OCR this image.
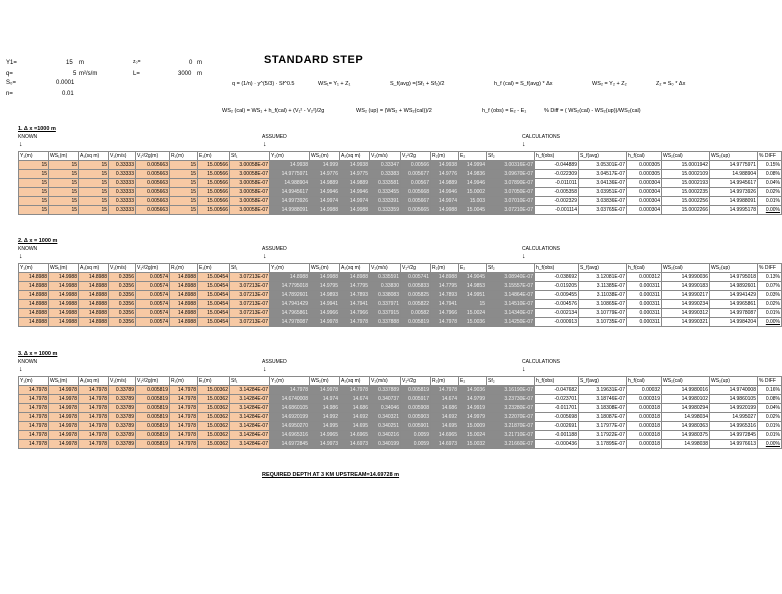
Y1=	15 m
q=	5 m²/s/m
S₀=	0.0001
n=	0.01
z₀=	0 m
L=	3000 m
STANDARD STEP
q = (1/n) · y^(5/3) · Sf^0.5	WS₁= Y₁ + Z₁	S_f(avg) =(Sf₁ + Sf₂)/2	h_f (cal) = S_f(avg) * Δx	WS₂ = Y₂ + Z₂	Z₂ = S₀ * Δx
WS₂ (cal) = WS₁ + h_f(cal) + (V₁² - V₂²)/2g	WS₂ (up) = (WS₂ + WS₂(cal))/2	h_f (obs) = E₂ - E₁	% Diff = ( WS₂(cal) - WS₂(up))/WS₂(cal)
1. Δ x =1000 m
KNOWN
↓
ASSUMED
↓
CALCULATIONS
↓
Y₁(m)	WS₁(m)	A₁(sq m)	V₁(m/s)	V₁²/2g(m)	R₁(m)	E₁(m)	Sf₁	Y₂(m)	WS₂(m)	A₂(sq m)	V₂(m/s)	V₂²/2g	R₂(m)	E₂	Sf₂	h_f(obs)	S_f(avg)	h_f(cal)	WS₂(cal)	WS₂(up)	% DIFF
15	15	15	0.33333	0.005663	15	15.00566	3.00058E-07	14.9938	14.999	14.9938	0.33347	0.00566	14.9938	14.9994	3.00316E-07	-0.044889	3.05301E-07	0.000305	15.0001942	14.9775971	0.15%
15	15	15	0.33333	0.005663	15	15.00566	3.00058E-07	14.9775971	14.9776	14.9775	0.33383	0.005677	14.9776	14.9836	3.09670E-07	-0.022309	3.04517E-07	0.000305	15.0002109	14.988904	0.08%
15	15	15	0.33333	0.005663	15	15.00566	3.00058E-07	14.988904	14.9889	14.9889	0.333581	0.00567	14.9889	14.9946	3.07890E-07	-0.011011	3.04136E-07	0.000304	15.0002193	14.9945617	0.04%
15	15	15	0.33333	0.005663	15	15.00566	3.00058E-07	14.9945617	14.9946	14.9946	0.333455	0.005668	14.9946	15.0002	3.07050E-07	-0.005358	3.03951E-07	0.000304	15.0002235	14.9973926	0.02%
15	15	15	0.33333	0.005663	15	15.00566	3.00058E-07	14.9973926	14.9974	14.9974	0.333391	0.005667	14.9974	15.003	3.07010E-07	-0.002329	3.03836E-07	0.000304	15.0002256	14.9988091	0.01%
15	15	15	0.33333	0.005663	15	15.00566	3.00058E-07	14.9988091	14.9988	14.9988	0.333359	0.005665	14.9988	15.0045	3.07210E-07	-0.001114	3.03765E-07	0.000304	15.0002266	14.9995178	0.00%
2. Δ x = 1000 m
KNOWN
↓
ASSUMED
↓
CALCULATIONS
↓
Y₁(m)	WS₁(m)	A₁(sq m)	V₁(m/s)	V₁²/2g(m)	R₁(m)	E₁(m)	Sf₁	Y₂(m)	WS₂(m)	A₂(sq m)	V₂(m/s)	V₂²/2g	R₂(m)	E₂	Sf₂	h_f(obs)	S_f(avg)	h_f(cal)	WS₂(cal)	WS₂(up)	% DIFF
14.8988	14.9988	14.8988	0.3356	0.00574	14.8988	15.00454	3.07213E-07	14.8988	14.9988	14.8988	0.335591	0.005741	14.8988	14.9045	3.08940E-07	-0.038692	3.12081E-07	0.000312	14.9990036	14.9795018	0.13%
14.8988	14.9988	14.8988	0.3356	0.00574	14.8988	15.00454	3.07213E-07	14.7795018	14.9795	14.7795	0.33830	0.005833	14.7795	14.9853	3.15557E-07	-0.019205	3.11385E-07	0.000311	14.9990183	14.9892601	0.07%
14.8988	14.9988	14.8988	0.3356	0.00574	14.8988	15.00454	3.07213E-07	14.7892601	14.9893	14.7893	0.338083	0.005825	14.7893	14.9951	3.14864E-07	-0.009455	3.11038E-07	0.000311	14.9990217	14.9941429	0.03%
14.8988	14.9988	14.8988	0.3356	0.00574	14.8988	15.00454	3.07213E-07	14.7941429	14.9941	14.7941	0.337971	0.005822	14.7941	15	3.14510E-07	-0.004576	3.10865E-07	0.000311	14.9990234	14.9965861	0.02%
14.8988	14.9988	14.8988	0.3356	0.00574	14.8988	15.00454	3.07213E-07	14.7965861	14.9966	14.7966	0.337915	0.00582	14.7966	15.0024	3.14340E-07	-0.002134	3.10779E-07	0.000311	14.9990312	14.9978087	0.01%
14.8988	14.9988	14.8988	0.3356	0.00574	14.8988	15.00454	3.07213E-07	14.7978087	14.9978	14.7978	0.337888	0.005819	14.7978	15.0036	3.14250E-07	-0.000913	3.10735E-07	0.000311	14.9990321	14.9984204	0.00%
3. Δ x = 1000 m
KNOWN
↓
ASSUMED
↓
CALCULATIONS
↓
Y₁(m)	WS₁(m)	A₁(sq m)	V₁(m/s)	V₁²/2g(m)	R₁(m)	E₁(m)	Sf₁	Y₂(m)	WS₂(m)	A₂(sq m)	V₂(m/s)	V₂²/2g	R₂(m)	E₂	Sf₂	h_f(obs)	S_f(avg)	h_f(cal)	WS₂(cal)	WS₂(up)	% DIFF
14.7978	14.9978	14.7978	0.33789	0.005819	14.7978	15.00362	3.14284E-07	14.7978	14.9978	14.7978	0.337889	0.005819	14.7978	14.9036	3.16190E-07	-0.047682	3.19631E-07	0.00032	14.9980016	14.9740008	0.16%
14.7978	14.9978	14.7978	0.33789	0.005819	14.7978	15.00362	3.14284E-07	14.6740008	14.974	14.674	0.340737	0.005917	14.674	14.9799	3.23730E-07	-0.023701	3.18746E-07	0.000319	14.9980102	14.9860105	0.08%
14.7978	14.9978	14.7978	0.33789	0.005819	14.7978	15.00362	3.14284E-07	14.6860105	14.986	14.686	0.34046	0.005908	14.686	14.9919	3.23280E-07	-0.011701	3.18308E-07	0.000318	14.9980294	14.9920199	0.04%
14.7978	14.9978	14.7978	0.33789	0.005819	14.7978	15.00362	3.14284E-07	14.6920199	14.992	14.692	0.340321	0.005903	14.692	14.9979	3.22070E-07	-0.005698	3.18087E-07	0.000318	14.998034	14.995027	0.02%
14.7978	14.9978	14.7978	0.33789	0.005819	14.7978	15.00362	3.14284E-07	14.6950270	14.995	14.695	0.340251	0.005901	14.695	15.0009	3.21870E-07	-0.002691	3.17977E-07	0.000318	14.9980363	14.9965316	0.01%
14.7978	14.9978	14.7978	0.33789	0.005819	14.7978	15.00362	3.14284E-07	14.6965316	14.9965	14.6965	0.340216	0.0059	14.6965	15.0024	3.21710E-07	-0.001188	3.17922E-07	0.000318	14.9980375	14.9972845	0.01%
14.7978	14.9978	14.7978	0.33789	0.005819	14.7978	15.00362	3.14284E-07	14.6972845	14.9973	14.6973	0.340199	0.0059	14.6973	15.0032	3.21660E-07	-0.000436	3.17895E-07	0.000318	14.998038	14.9976613	0.00%
REQUIRED DEPTH AT 3 KM UPSTREAM=14.69728 m
